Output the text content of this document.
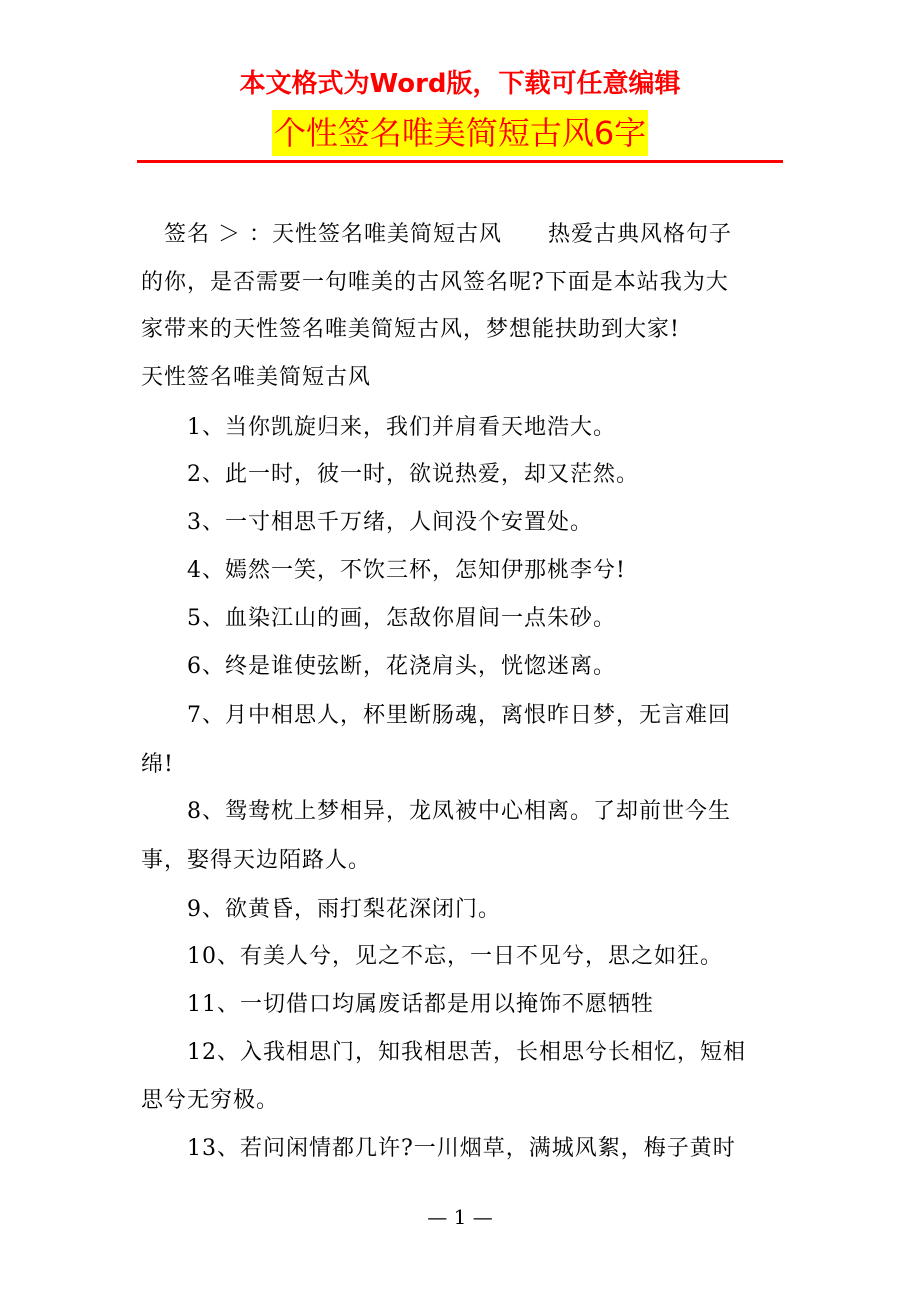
本文格式为Word版，下载可任意编辑
个性签名唯美简短古风6字
　签名 ＞ ：天性签名唯美简短古风　　热爱古典风格句子
的你，是否需要一句唯美的古风签名呢?下面是本站我为大
家带来的天性签名唯美简短古风，梦想能扶助到大家!
天性签名唯美简短古风
　　1、当你凯旋归来，我们并肩看天地浩大。
　　2、此一时，彼一时，欲说热爱，却又茫然。
　　3、一寸相思千万绪，人间没个安置处。
　　4、嫣然一笑，不饮三杯，怎知伊那桃李兮!
　　5、血染江山的画，怎敌你眉间一点朱砂。
　　6、终是谁使弦断，花浇肩头，恍惚迷离。
　　7、月中相思人，杯里断肠魂，离恨昨日梦，无言难回
绵!
　　8、鸳鸯枕上梦相异，龙凤被中心相离。了却前世今生
事，娶得天边陌路人。
　　9、欲黄昏，雨打梨花深闭门。
　　10、有美人兮，见之不忘，一日不见兮，思之如狂。
　　11、一切借口均属废话都是用以掩饰不愿牺牲
　　12、入我相思门，知我相思苦，长相思兮长相忆，短相
思兮无穷极。
　　13、若问闲情都几许?一川烟草，满城风絮，梅子黄时
— 1 —
